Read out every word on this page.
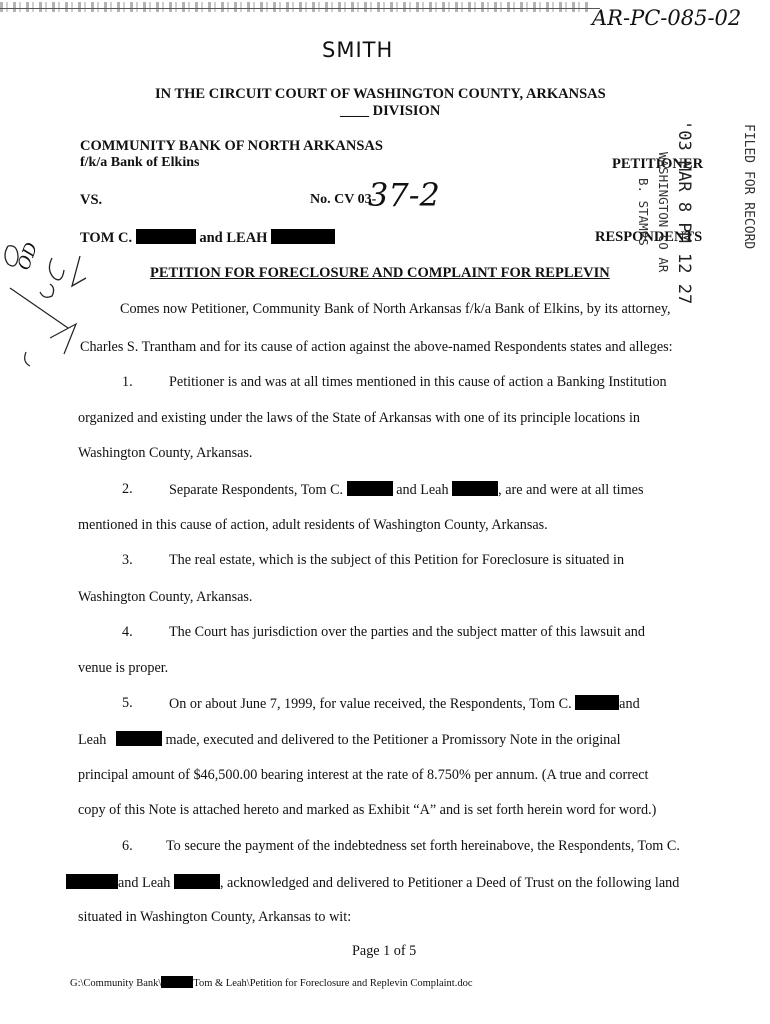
AR-PC-085-02
SMITH
IN THE CIRCUIT COURT OF WASHINGTON COUNTY, ARKANSAS
____ DIVISION
COMMUNITY BANK OF NORTH ARKANSAS
f/k/a Bank of Elkins	PETITIONER
VS.	No. CV 03-
37-2
TOM C.	and LEAH	RESPONDENTS	FILED FOR RECORD
'03 MAR 8 PM 12 27
WASHINGTON CO AR
B. STAMPS
OD
PETITION FOR FORECLOSURE AND COMPLAINT FOR REPLEVIN
Comes now Petitioner, Community Bank of North Arkansas f/k/a Bank of Elkins, by its attorney,
Charles S. Trantham and for its cause of action against the above-named Respondents states and alleges:
1.	Petitioner is and was at all times mentioned in this cause of action a Banking Institution
organized and existing under the laws of the State of Arkansas with one of its principle locations in
Washington County, Arkansas.
2.	Separate Respondents, Tom C.	and Leah	, are and were at all times
mentioned in this cause of action, adult residents of Washington County, Arkansas.
3.	The real estate, which is the subject of this Petition for Foreclosure is situated in
Washington County, Arkansas.
4.	The Court has jurisdiction over the parties and the subject matter of this lawsuit and
venue is proper.
5.	On or about June 7, 1999, for value received, the Respondents, Tom C.	and
Leah	made, executed and delivered to the Petitioner a Promissory Note in the original
principal amount of $46,500.00 bearing interest at the rate of 8.750% per annum. (A true and correct
copy of this Note is attached hereto and marked as Exhibit “A” and is set forth herein word for word.)
6. To secure the payment of the indebtedness set forth hereinabove, the Respondents, Tom C.
and Leah	, acknowledged and delivered to Petitioner a Deed of Trust on the following land
situated in Washington County, Arkansas to wit:
Page 1 of 5
G:\Community Bank\	Tom & Leah\Petition for Foreclosure and Replevin Complaint.doc
